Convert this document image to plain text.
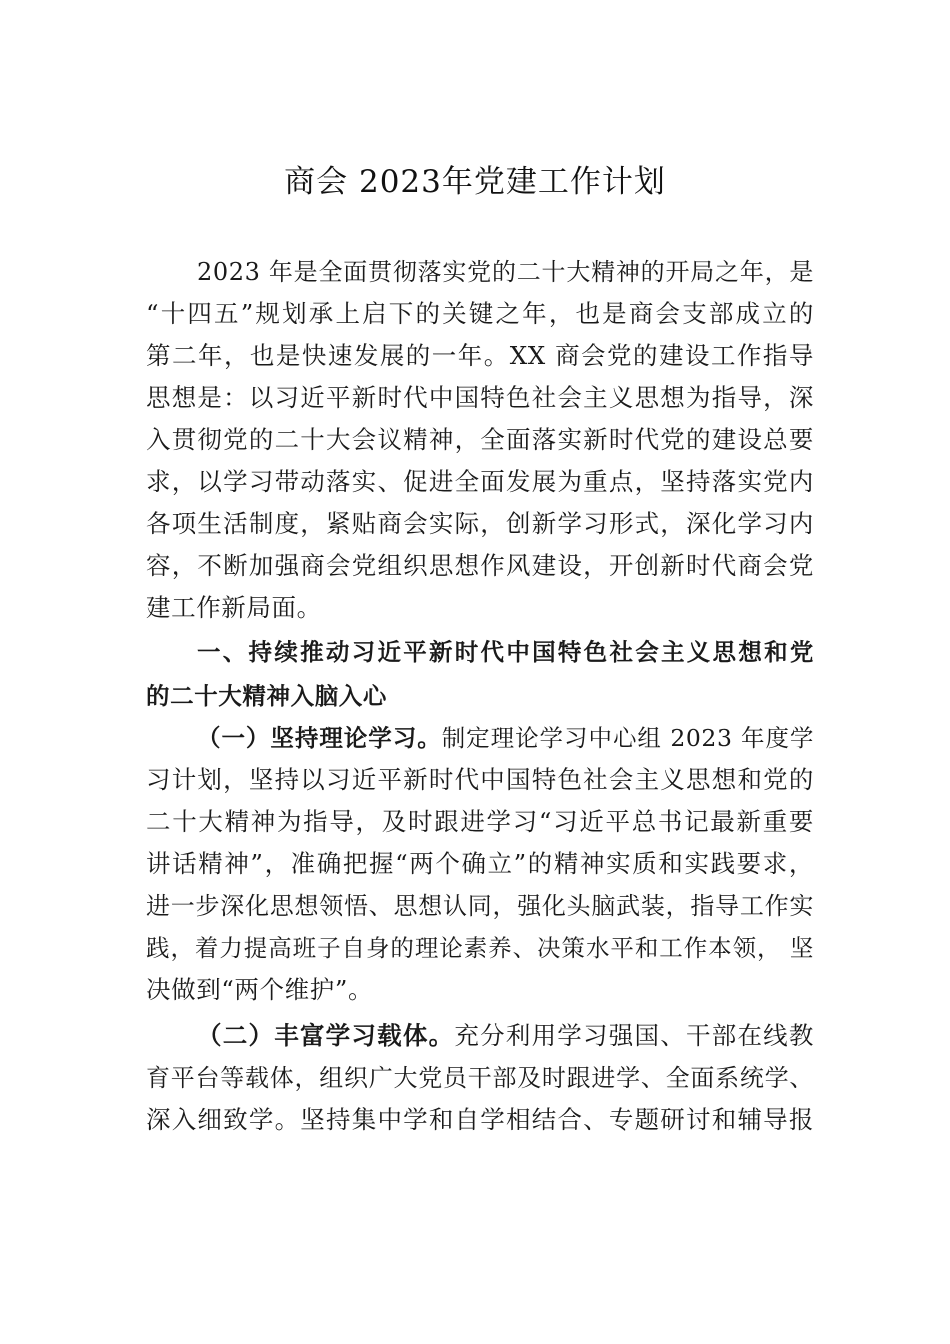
商会 2023年党建工作计划
2023 年是全面贯彻落实党的二十大精神的开局之年，是
“十四五”规划承上启下的关键之年，也是商会支部成立的
第二年，也是快速发展的一年。XX 商会党的建设工作指导
思想是：以习近平新时代中国特色社会主义思想为指导，深
入贯彻党的二十大会议精神，全面落实新时代党的建设总要
求，以学习带动落实、促进全面发展为重点，坚持落实党内
各项生活制度，紧贴商会实际，创新学习形式，深化学习内
容，不断加强商会党组织思想作风建设，开创新时代商会党
建工作新局面。
一、持续推动习近平新时代中国特色社会主义思想和党
的二十大精神入脑入心
（一）坚持理论学习。制定理论学习中心组 2023 年度学
习计划，坚持以习近平新时代中国特色社会主义思想和党的
二十大精神为指导，及时跟进学习“习近平总书记最新重要
讲话精神”，准确把握“两个确立”的精神实质和实践要求，
进一步深化思想领悟、思想认同，强化头脑武装，指导工作实
践，着力提高班子自身的理论素养、决策水平和工作本领， 坚
决做到“两个维护”。
（二）丰富学习载体。充分利用学习强国、干部在线教
育平台等载体，组织广大党员干部及时跟进学、全面系统学、
深入细致学。坚持集中学和自学相结合、专题研讨和辅导报
